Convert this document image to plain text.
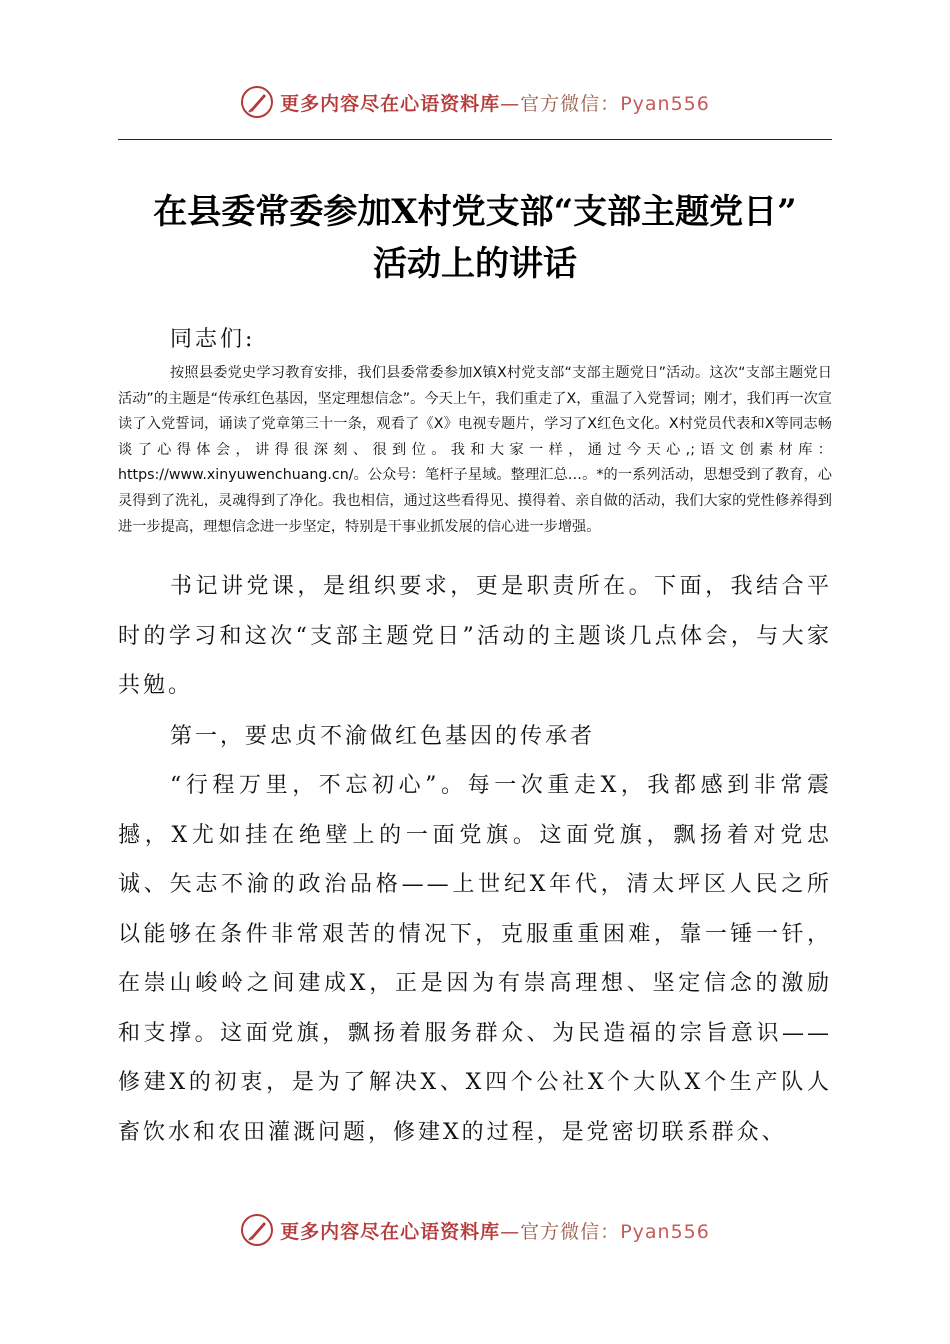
更多内容尽在心语资料库—官方微信：Pyan556
在县委常委参加X村党支部“支部主题党日”
活动上的讲话

同志们:

按照县委党史学习教育安排，我们县委常委参加X镇X村党支部“支部主题党日”活动。这次“支部主题党日活动”的主题是“传承红色基因，坚定理想信念”。今天上午，我们重走了X，重温了入党誓词；刚才，我们再一次宣读了入党誓词，诵读了党章第三十一条，观看了《X》电视专题片，学习了X红色文化。X村党员代表和X等同志畅谈了心得体会，讲得很深刻、很到位。我和大家一样，通过今天心,;语文创素材库：https://www.xinyuwenchuang.cn/。公众号：笔杆子星域。整理汇总…。*的一系列活动，思想受到了教育，心灵得到了洗礼，灵魂得到了净化。我也相信，通过这些看得见、摸得着、亲自做的活动，我们大家的党性修养得到进一步提高，理想信念进一步坚定，特别是干事业抓发展的信心进一步增强。

书记讲党课，是组织要求，更是职责所在。下面，我结合平时的学习和这次“支部主题党日”活动的主题谈几点体会，与大家共勉。

第一，要忠贞不渝做红色基因的传承者

“行程万里，不忘初心”。每一次重走X，我都感到非常震撼，X尤如挂在绝壁上的一面党旗。这面党旗，飘扬着对党忠诚、矢志不渝的政治品格——上世纪X年代，清太坪区人民之所以能够在条件非常艰苦的情况下，克服重重困难，靠一锤一钎，在崇山峻岭之间建成X，正是因为有崇高理想、坚定信念的激励和支撑。这面党旗，飘扬着服务群众、为民造福的宗旨意识——修建X的初衷，是为了解决X、X四个公社X个大队X个生产队人畜饮水和农田灌溉问题，修建X的过程，是党密切联系群众、

更多内容尽在心语资料库—官方微信：Pyan556
